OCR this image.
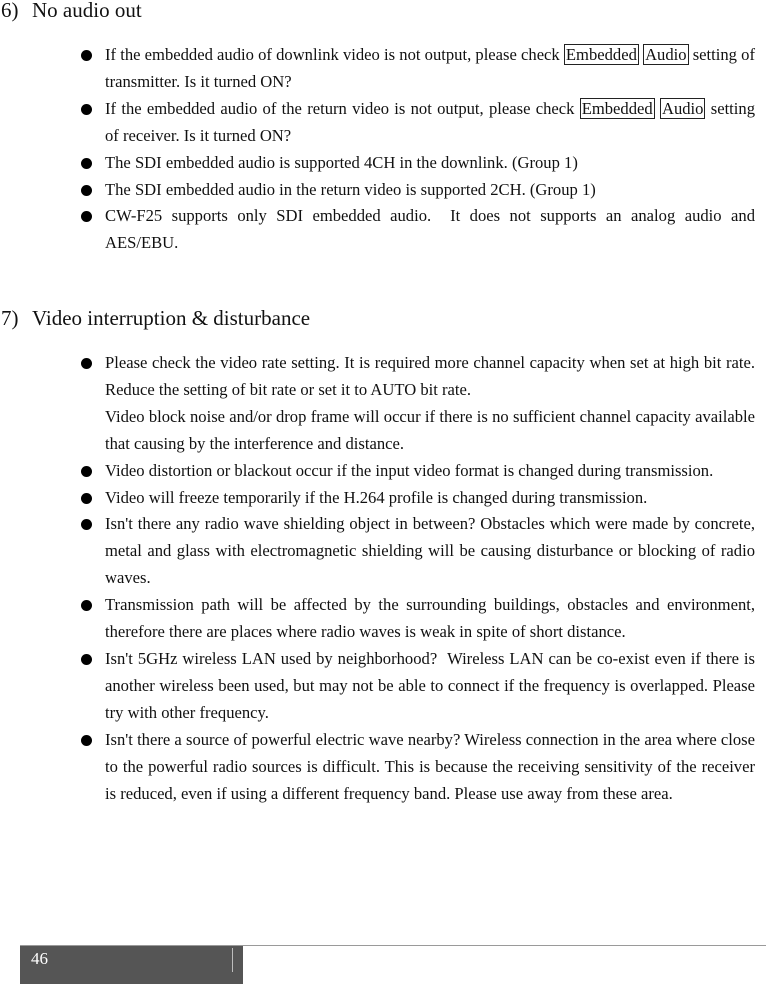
6) No audio out
If the embedded audio of downlink video is not output, please check Embedded Audio setting of transmitter. Is it turned ON?
If the embedded audio of the return video is not output, please check Embedded Audio setting of receiver. Is it turned ON?
The SDI embedded audio is supported 4CH in the downlink. (Group 1)
The SDI embedded audio in the return video is supported 2CH. (Group 1)
CW-F25 supports only SDI embedded audio.  It does not supports an analog audio and AES/EBU.
7) Video interruption & disturbance
Please check the video rate setting. It is required more channel capacity when set at high bit rate. Reduce the setting of bit rate or set it to AUTO bit rate.
Video block noise and/or drop frame will occur if there is no sufficient channel capacity available that causing by the interference and distance.
Video distortion or blackout occur if the input video format is changed during transmission.
Video will freeze temporarily if the H.264 profile is changed during transmission.
Isn't there any radio wave shielding object in between? Obstacles which were made by concrete, metal and glass with electromagnetic shielding will be causing disturbance or blocking of radio waves.
Transmission path will be affected by the surrounding buildings, obstacles and environment, therefore there are places where radio waves is weak in spite of short distance.
Isn't 5GHz wireless LAN used by neighborhood?  Wireless LAN can be co-exist even if there is another wireless been used, but may not be able to connect if the frequency is overlapped. Please try with other frequency.
Isn't there a source of powerful electric wave nearby? Wireless connection in the area where close to the powerful radio sources is difficult. This is because the receiving sensitivity of the receiver is reduced, even if using a different frequency band. Please use away from these area.
46
